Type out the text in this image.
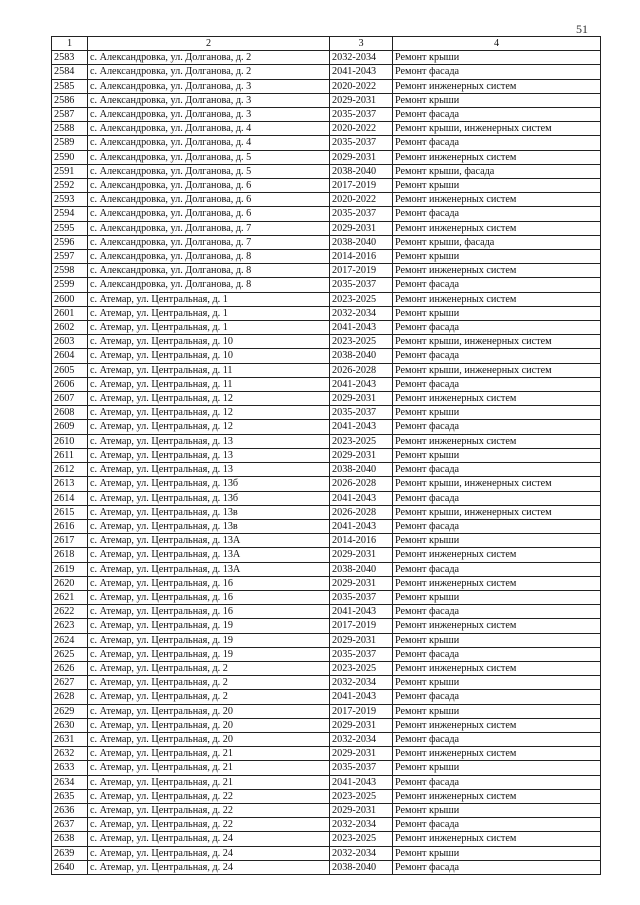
51
1	2	3	4
2583	с. Александровка, ул. Долганова, д. 2	2032-2034	Ремонт крыши
2584	с. Александровка, ул. Долганова, д. 2	2041-2043	Ремонт фасада
2585	с. Александровка, ул. Долганова, д. 3	2020-2022	Ремонт инженерных систем
2586	с. Александровка, ул. Долганова, д. 3	2029-2031	Ремонт крыши
2587	с. Александровка, ул. Долганова, д. 3	2035-2037	Ремонт фасада
2588	с. Александровка, ул. Долганова, д. 4	2020-2022	Ремонт крыши, инженерных систем
2589	с. Александровка, ул. Долганова, д. 4	2035-2037	Ремонт фасада
2590	с. Александровка, ул. Долганова, д. 5	2029-2031	Ремонт инженерных систем
2591	с. Александровка, ул. Долганова, д. 5	2038-2040	Ремонт крыши, фасада
2592	с. Александровка, ул. Долганова, д. 6	2017-2019	Ремонт крыши
2593	с. Александровка, ул. Долганова, д. 6	2020-2022	Ремонт инженерных систем
2594	с. Александровка, ул. Долганова, д. 6	2035-2037	Ремонт фасада
2595	с. Александровка, ул. Долганова, д. 7	2029-2031	Ремонт инженерных систем
2596	с. Александровка, ул. Долганова, д. 7	2038-2040	Ремонт крыши, фасада
2597	с. Александровка, ул. Долганова, д. 8	2014-2016	Ремонт крыши
2598	с. Александровка, ул. Долганова, д. 8	2017-2019	Ремонт инженерных систем
2599	с. Александровка, ул. Долганова, д. 8	2035-2037	Ремонт фасада
2600	с. Атемар, ул. Центральная, д. 1	2023-2025	Ремонт инженерных систем
2601	с. Атемар, ул. Центральная, д. 1	2032-2034	Ремонт крыши
2602	с. Атемар, ул. Центральная, д. 1	2041-2043	Ремонт фасада
2603	с. Атемар, ул. Центральная, д. 10	2023-2025	Ремонт крыши, инженерных систем
2604	с. Атемар, ул. Центральная, д. 10	2038-2040	Ремонт фасада
2605	с. Атемар, ул. Центральная, д. 11	2026-2028	Ремонт крыши, инженерных систем
2606	с. Атемар, ул. Центральная, д. 11	2041-2043	Ремонт фасада
2607	с. Атемар, ул. Центральная, д. 12	2029-2031	Ремонт инженерных систем
2608	с. Атемар, ул. Центральная, д. 12	2035-2037	Ремонт крыши
2609	с. Атемар, ул. Центральная, д. 12	2041-2043	Ремонт фасада
2610	с. Атемар, ул. Центральная, д. 13	2023-2025	Ремонт инженерных систем
2611	с. Атемар, ул. Центральная, д. 13	2029-2031	Ремонт крыши
2612	с. Атемар, ул. Центральная, д. 13	2038-2040	Ремонт фасада
2613	с. Атемар, ул. Центральная, д. 13б	2026-2028	Ремонт крыши, инженерных систем
2614	с. Атемар, ул. Центральная, д. 13б	2041-2043	Ремонт фасада
2615	с. Атемар, ул. Центральная, д. 13в	2026-2028	Ремонт крыши, инженерных систем
2616	с. Атемар, ул. Центральная, д. 13в	2041-2043	Ремонт фасада
2617	с. Атемар, ул. Центральная, д. 13А	2014-2016	Ремонт крыши
2618	с. Атемар, ул. Центральная, д. 13А	2029-2031	Ремонт инженерных систем
2619	с. Атемар, ул. Центральная, д. 13А	2038-2040	Ремонт фасада
2620	с. Атемар, ул. Центральная, д. 16	2029-2031	Ремонт инженерных систем
2621	с. Атемар, ул. Центральная, д. 16	2035-2037	Ремонт крыши
2622	с. Атемар, ул. Центральная, д. 16	2041-2043	Ремонт фасада
2623	с. Атемар, ул. Центральная, д. 19	2017-2019	Ремонт инженерных систем
2624	с. Атемар, ул. Центральная, д. 19	2029-2031	Ремонт крыши
2625	с. Атемар, ул. Центральная, д. 19	2035-2037	Ремонт фасада
2626	с. Атемар, ул. Центральная, д. 2	2023-2025	Ремонт инженерных систем
2627	с. Атемар, ул. Центральная, д. 2	2032-2034	Ремонт крыши
2628	с. Атемар, ул. Центральная, д. 2	2041-2043	Ремонт фасада
2629	с. Атемар, ул. Центральная, д. 20	2017-2019	Ремонт крыши
2630	с. Атемар, ул. Центральная, д. 20	2029-2031	Ремонт инженерных систем
2631	с. Атемар, ул. Центральная, д. 20	2032-2034	Ремонт фасада
2632	с. Атемар, ул. Центральная, д. 21	2029-2031	Ремонт инженерных систем
2633	с. Атемар, ул. Центральная, д. 21	2035-2037	Ремонт крыши
2634	с. Атемар, ул. Центральная, д. 21	2041-2043	Ремонт фасада
2635	с. Атемар, ул. Центральная, д. 22	2023-2025	Ремонт инженерных систем
2636	с. Атемар, ул. Центральная, д. 22	2029-2031	Ремонт крыши
2637	с. Атемар, ул. Центральная, д. 22	2032-2034	Ремонт фасада
2638	с. Атемар, ул. Центральная, д. 24	2023-2025	Ремонт инженерных систем
2639	с. Атемар, ул. Центральная, д. 24	2032-2034	Ремонт крыши
2640	с. Атемар, ул. Центральная, д. 24	2038-2040	Ремонт фасада
